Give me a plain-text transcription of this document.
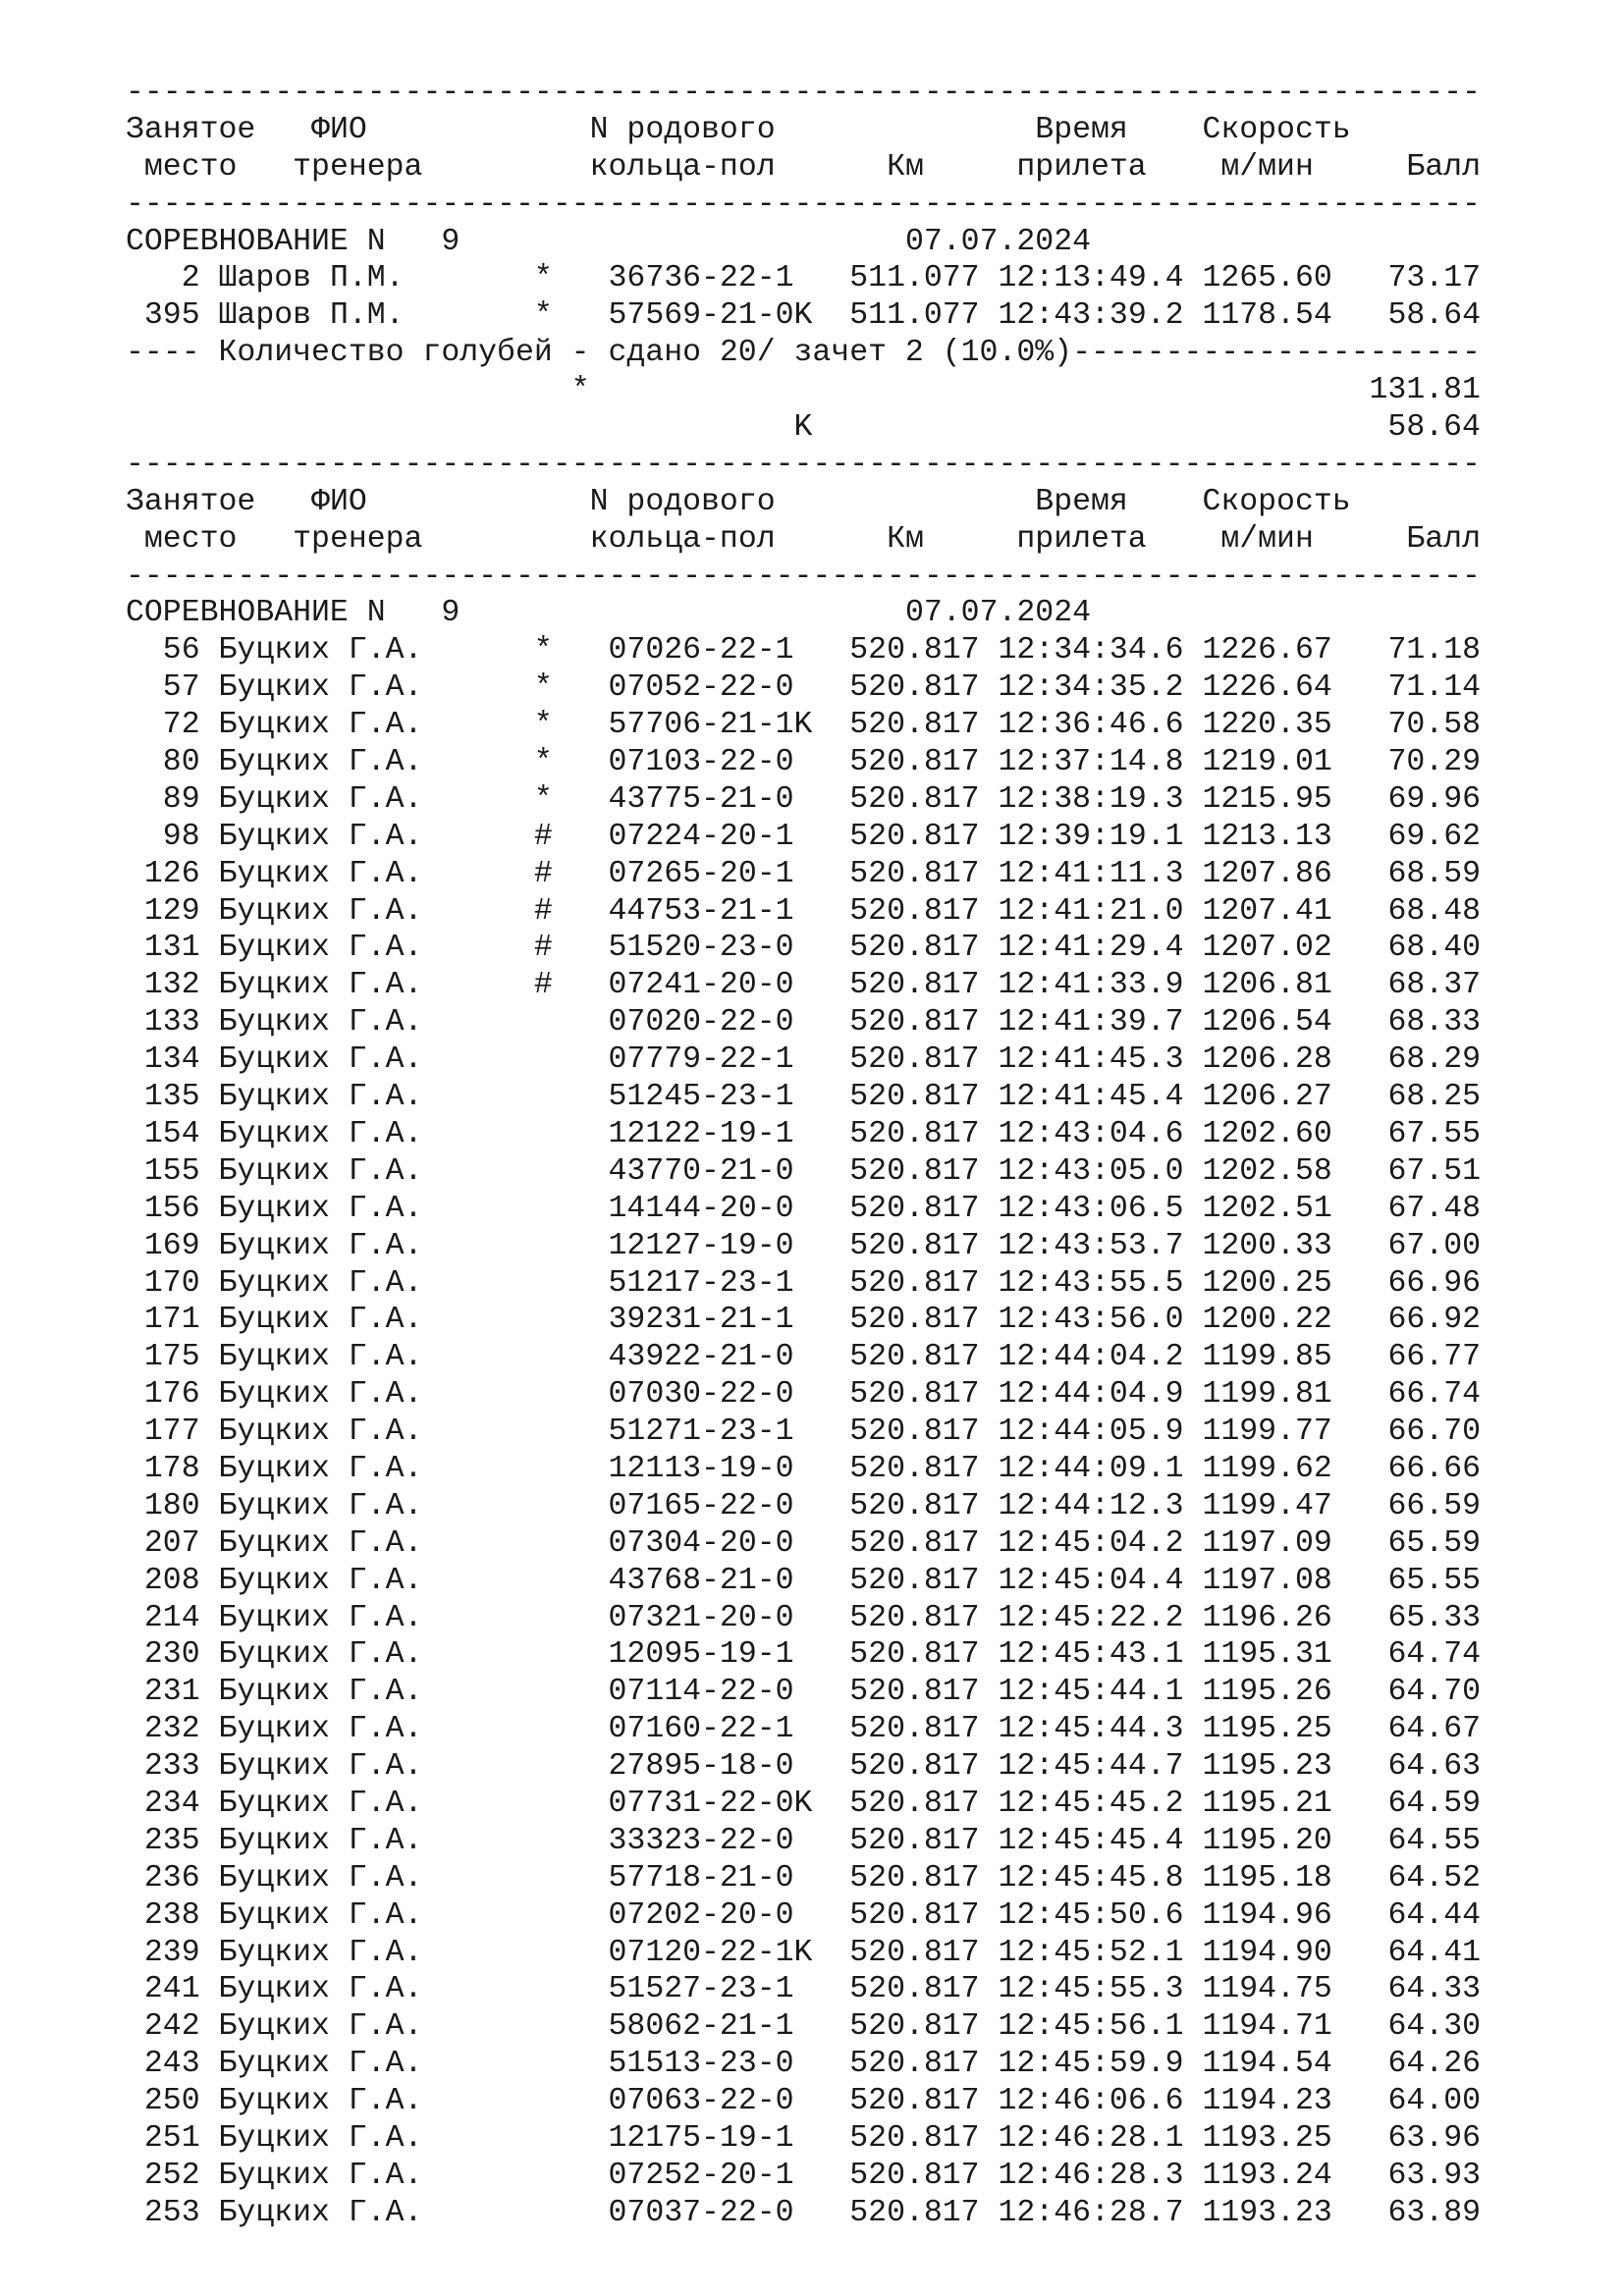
-------------------------------------------------------------------------
Занятое ФИО	N родового	Время Скорость
место тренера	кольца-пол	Км	прилета м/мин	Балл
-------------------------------------------------------------------------
СОРЕВНОВАНИЕ N 9	07.07.2024
2 Шаров П.М.	* 36736-22-1 511.077 12:13:49.4 1265.60   73.17
395 Шаров П.М.	* 57569-21-0K 511.077 12:43:39.2 1178.54   58.64
---- Количество голубей - сдано 20/ зачет 2 (10.0%)----------------------
*	131.81
K	58.64
-------------------------------------------------------------------------
Занятое ФИО	N родового	Время Скорость
место тренера	кольца-пол	Км	прилета м/мин	Балл
-------------------------------------------------------------------------
СОРЕВНОВАНИЕ N 9	07.07.2024
56 Буцких Г.А.	* 07026-22-1 520.817 12:34:34.6 1226.67   71.18
57 Буцких Г.А.	* 07052-22-0 520.817 12:34:35.2 1226.64   71.14
72 Буцких Г.А.	* 57706-21-1K 520.817 12:36:46.6 1220.35   70.58
80 Буцких Г.А.	* 07103-22-0 520.817 12:37:14.8 1219.01   70.29
89 Буцких Г.А.	* 43775-21-0 520.817 12:38:19.3 1215.95   69.96
98 Буцких Г.А.	# 07224-20-1 520.817 12:39:19.1 1213.13   69.62
126 Буцких Г.А.	# 07265-20-1 520.817 12:41:11.3 1207.86   68.59
129 Буцких Г.А.	# 44753-21-1 520.817 12:41:21.0 1207.41   68.48
131 Буцких Г.А.	# 51520-23-0 520.817 12:41:29.4 1207.02   68.40
132 Буцких Г.А.	# 07241-20-0 520.817 12:41:33.9 1206.81   68.37
133 Буцких Г.А.	07020-22-0 520.817 12:41:39.7 1206.54   68.33
134 Буцких Г.А.	07779-22-1 520.817 12:41:45.3 1206.28   68.29
135 Буцких Г.А.	51245-23-1 520.817 12:41:45.4 1206.27   68.25
154 Буцких Г.А.	12122-19-1 520.817 12:43:04.6 1202.60   67.55
155 Буцких Г.А.	43770-21-0 520.817 12:43:05.0 1202.58   67.51
156 Буцких Г.А.	14144-20-0 520.817 12:43:06.5 1202.51   67.48
169 Буцких Г.А.	12127-19-0 520.817 12:43:53.7 1200.33   67.00
170 Буцких Г.А.	51217-23-1 520.817 12:43:55.5 1200.25   66.96
171 Буцких Г.А.	39231-21-1 520.817 12:43:56.0 1200.22   66.92
175 Буцких Г.А.	43922-21-0 520.817 12:44:04.2 1199.85   66.77
176 Буцких Г.А.	07030-22-0 520.817 12:44:04.9 1199.81   66.74
177 Буцких Г.А.	51271-23-1 520.817 12:44:05.9 1199.77   66.70
178 Буцких Г.А.	12113-19-0 520.817 12:44:09.1 1199.62   66.66
180 Буцких Г.А.	07165-22-0 520.817 12:44:12.3 1199.47   66.59
207 Буцких Г.А.	07304-20-0 520.817 12:45:04.2 1197.09   65.59
208 Буцких Г.А.	43768-21-0 520.817 12:45:04.4 1197.08   65.55
214 Буцких Г.А.	07321-20-0 520.817 12:45:22.2 1196.26   65.33
230 Буцких Г.А.	12095-19-1 520.817 12:45:43.1 1195.31   64.74
231 Буцких Г.А.	07114-22-0 520.817 12:45:44.1 1195.26   64.70
232 Буцких Г.А.	07160-22-1 520.817 12:45:44.3 1195.25   64.67
233 Буцких Г.А.	27895-18-0 520.817 12:45:44.7 1195.23   64.63
234 Буцких Г.А.	07731-22-0K 520.817 12:45:45.2 1195.21   64.59
235 Буцких Г.А.	33323-22-0 520.817 12:45:45.4 1195.20   64.55
236 Буцких Г.А.	57718-21-0 520.817 12:45:45.8 1195.18   64.52
238 Буцких Г.А.	07202-20-0 520.817 12:45:50.6 1194.96   64.44
239 Буцких Г.А.	07120-22-1K 520.817 12:45:52.1 1194.90   64.41
241 Буцких Г.А.	51527-23-1 520.817 12:45:55.3 1194.75   64.33
242 Буцких Г.А.	58062-21-1 520.817 12:45:56.1 1194.71   64.30
243 Буцких Г.А.	51513-23-0 520.817 12:45:59.9 1194.54   64.26
250 Буцких Г.А.	07063-22-0 520.817 12:46:06.6 1194.23   64.00
251 Буцких Г.А.	12175-19-1 520.817 12:46:28.1 1193.25   63.96
252 Буцких Г.А.	07252-20-1 520.817 12:46:28.3 1193.24   63.93
253 Буцких Г.А.	07037-22-0 520.817 12:46:28.7 1193.23   63.89
